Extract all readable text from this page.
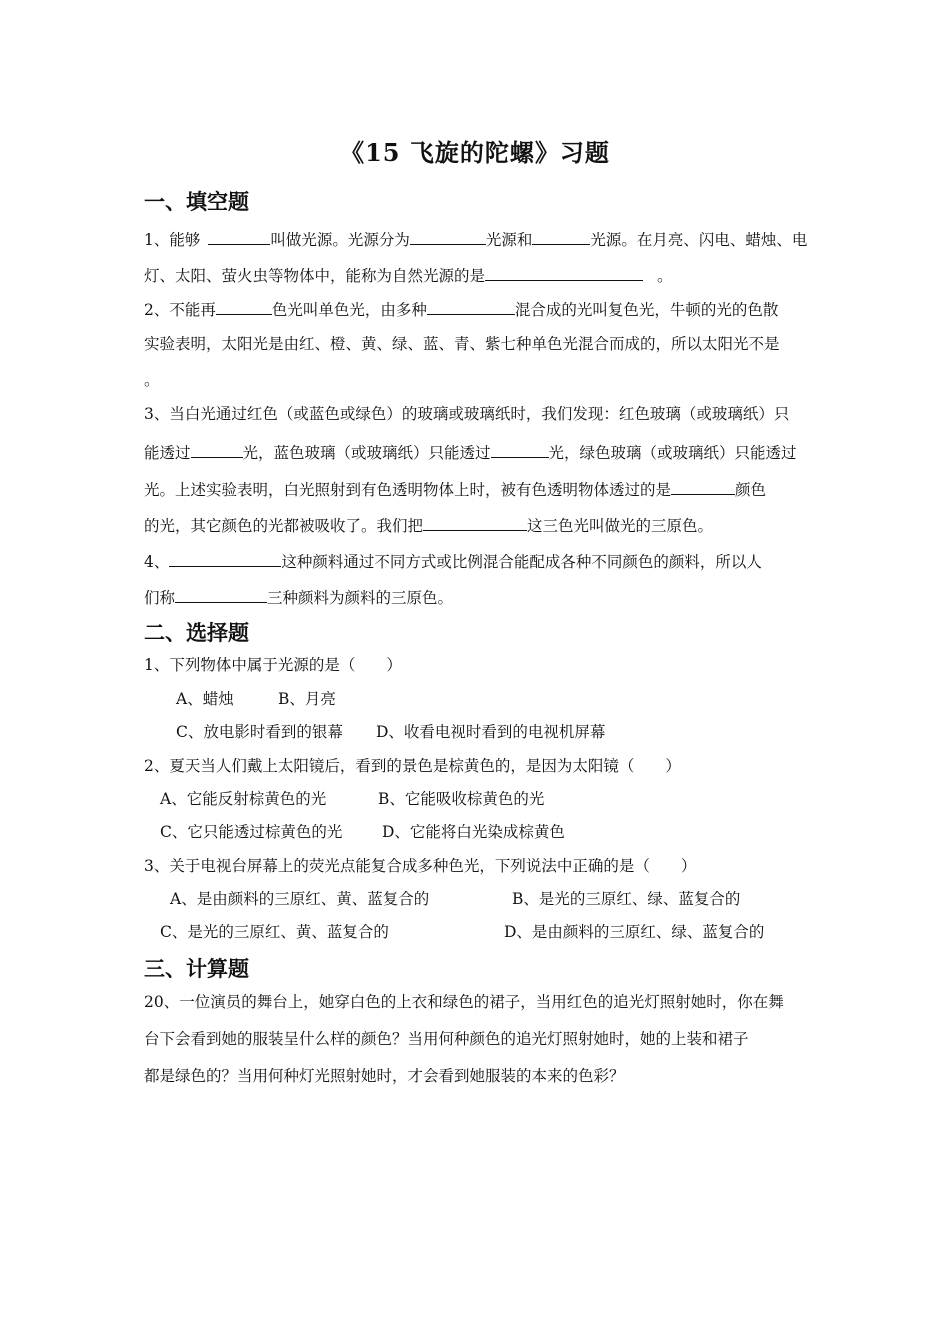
《15 飞旋的陀螺》习题
一、填空题
1、能够	叫做光源。光源分为	光源和	光源。在月亮、闪电、蜡烛、电
灯、太阳、萤火虫等物体中，能称为自然光源的是	。
2、不能再	色光叫单色光，由多种	混合成的光叫复色光，牛顿的光的色散
实验表明，太阳光是由红、橙、黄、绿、蓝、青、紫七种单色光混合而成的，所以太阳光不是
。
3、当白光通过红色（或蓝色或绿色）的玻璃或玻璃纸时，我们发现：红色玻璃（或玻璃纸）只
能透过	光，蓝色玻璃（或玻璃纸）只能透过	光，绿色玻璃（或玻璃纸）只能透过
光。上述实验表明，白光照射到有色透明物体上时，被有色透明物体透过的是	颜色
的光，其它颜色的光都被吸收了。我们把	这三色光叫做光的三原色。
4、	这种颜料通过不同方式或比例混合能配成各种不同颜色的颜料，所以人
们称	三种颜料为颜料的三原色。
二、选择题
1、下列物体中属于光源的是（　　）
A、蜡烛	B、月亮
C、放电影时看到的银幕 D、收看电视时看到的电视机屏幕
2、夏天当人们戴上太阳镜后，看到的景色是棕黄色的，是因为太阳镜（　　）
A、它能反射棕黄色的光	B、它能吸收棕黄色的光
C、它只能透过棕黄色的光	D、它能将白光染成棕黄色
3、关于电视台屏幕上的荧光点能复合成多种色光，下列说法中正确的是（　　）
A、是由颜料的三原红、黄、蓝复合的	B、是光的三原红、绿、蓝复合的
C、是光的三原红、黄、蓝复合的	D、是由颜料的三原红、绿、蓝复合的
三、计算题
20、一位演员的舞台上，她穿白色的上衣和绿色的裙子，当用红色的追光灯照射她时，你在舞
台下会看到她的服装呈什么样的颜色？当用何种颜色的追光灯照射她时，她的上装和裙子
都是绿色的？当用何种灯光照射她时，才会看到她服装的本来的色彩？
